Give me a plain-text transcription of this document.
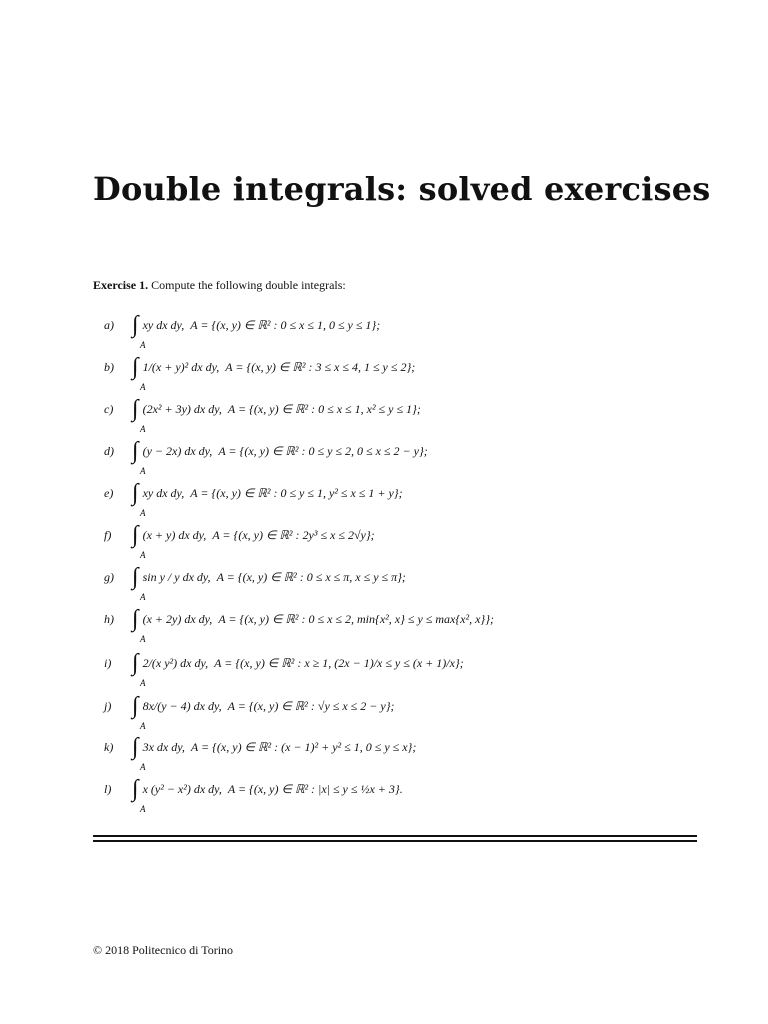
Double integrals: solved exercises
Exercise 1. Compute the following double integrals:
a) ∫
A
xy dx dy, A = {(x, y) ∈ ℝ² : 0 ≤ x ≤ 1, 0 ≤ y ≤ 1};
b) ∫
A
1/(x + y)² dx dy, A = {(x, y) ∈ ℝ² : 3 ≤ x ≤ 4, 1 ≤ y ≤ 2};
c) ∫
A
(2x² + 3y) dx dy, A = {(x, y) ∈ ℝ² : 0 ≤ x ≤ 1, x² ≤ y ≤ 1};
d) ∫
A
(y − 2x) dx dy, A = {(x, y) ∈ ℝ² : 0 ≤ y ≤ 2, 0 ≤ x ≤ 2 − y};
e) ∫
A
xy dx dy, A = {(x, y) ∈ ℝ² : 0 ≤ y ≤ 1, y² ≤ x ≤ 1 + y};
f) ∫
A
(x + y) dx dy, A = {(x, y) ∈ ℝ² : 2y³ ≤ x ≤ 2√y};
g) ∫
A
sin y / y dx dy, A = {(x, y) ∈ ℝ² : 0 ≤ x ≤ π, x ≤ y ≤ π};
h) ∫
A
(x + 2y) dx dy, A = {(x, y) ∈ ℝ² : 0 ≤ x ≤ 2, min{x², x} ≤ y ≤ max{x², x}};
i) ∫
A
2/(x y²) dx dy, A = {(x, y) ∈ ℝ² : x ≥ 1, (2x − 1)/x ≤ y ≤ (x + 1)/x};
j) ∫
A
8x/(y − 4) dx dy, A = {(x, y) ∈ ℝ² : √y ≤ x ≤ 2 − y};
k) ∫
A
3x dx dy, A = {(x, y) ∈ ℝ² : (x − 1)² + y² ≤ 1, 0 ≤ y ≤ x};
l) ∫
A
x (y² − x²) dx dy, A = {(x, y) ∈ ℝ² : |x| ≤ y ≤ ½x + 3}.
© 2018 Politecnico di Torino
